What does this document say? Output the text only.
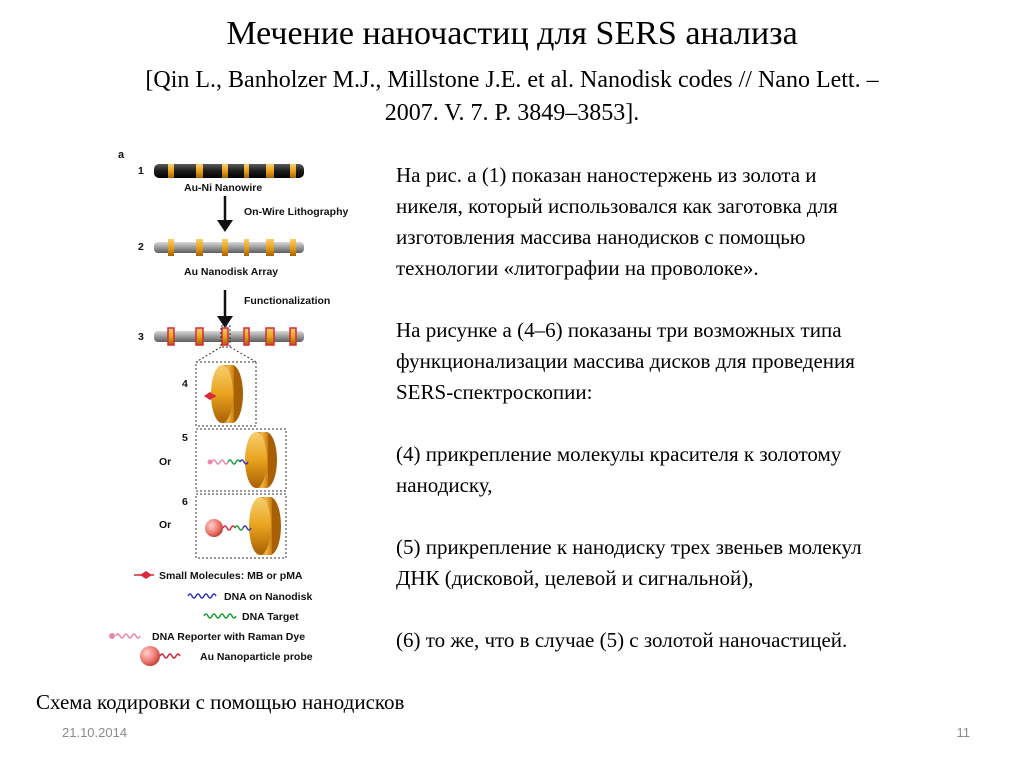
Мечение наночастиц для SERS анализа
[Qin L., Banholzer M.J., Millstone J.E. et al. Nanodisk codes // Nano Lett. –
2007. V. 7. P. 3849–3853].
a
1
Au-Ni Nanowire
On-Wire Lithography
2
Au Nanodisk Array
Functionalization
3
4
5
Or
6
Or
Small Molecules: MB or pMA
DNA on Nanodisk
DNA Target
DNA Reporter with Raman Dye
Au Nanoparticle probe
На рис. а (1) показан наностержень из золота и
никеля, который использовался как заготовка для
изготовления массива нанодисков с помощью
технологии «литографии на проволоке».
На рисунке а (4–6) показаны три возможных типа
функционализации массива дисков для проведения
SERS-спектроскопии:
(4) прикрепление молекулы красителя к золотому
нанодиску,
(5) прикрепление к нанодиску трех звеньев молекул
ДНК (дисковой, целевой и сигнальной),
(6) то же, что в случае (5) с золотой наночастицей.
Схема кодировки с помощью нанодисков
21.10.2014	11
